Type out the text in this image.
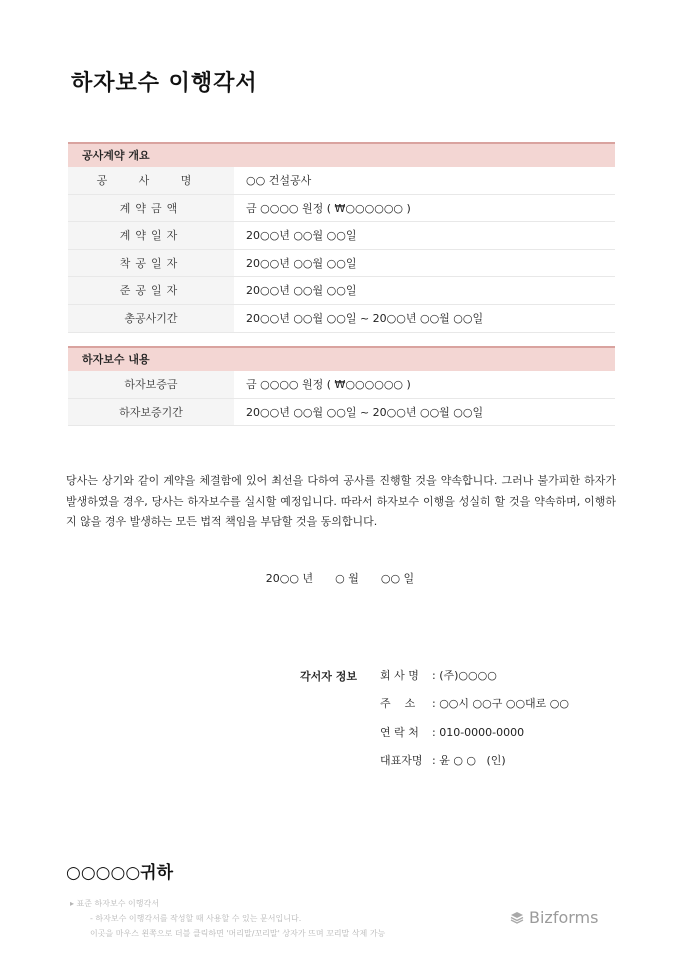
하자보수 이행각서
공사계약 개요
공 사 명	○○ 건설공사
계약금액	금 ○○○○ 원정 ( ₩○○○○○○ )
계약일자	20○○년 ○○월 ○○일
착공일자	20○○년 ○○월 ○○일
준공일자	20○○년 ○○월 ○○일
총공사기간	20○○년 ○○월 ○○일 ~ 20○○년 ○○월 ○○일
하자보수 내용
하자보증금	금 ○○○○ 원정 ( ₩○○○○○○ )
하자보증기간	20○○년 ○○월 ○○일 ~ 20○○년 ○○월 ○○일
당사는 상기와 같이 계약을 체결함에 있어 최선을 다하여 공사를 진행할 것을 약속합니다. 그러나 불가피한 하자가 발생하였을 경우, 당사는 하자보수를 실시할 예정입니다. 따라서 하자보수 이행을 성실히 할 것을 약속하며, 이행하지 않을 경우 발생하는 모든 법적 책임을 부담할 것을 동의합니다.
20○○ 년 ○ 월 ○○ 일
각서자 정보 회 사 명 : (주)○○○○
주    소 : ○○시 ○○구 ○○대로 ○○
연 락 처 : 010-0000-0000
대표자명 : 윤 ○ ○   (인)
○○○○○귀하
▸ 표준 하자보수 이행각서
- 하자보수 이행각서를 작성할 때 사용할 수 있는 문서입니다.
이곳을 마우스 왼쪽으로 더블 클릭하면 '머리말/꼬리말' 상자가 뜨며 꼬리말 삭제 가능
Bizforms
